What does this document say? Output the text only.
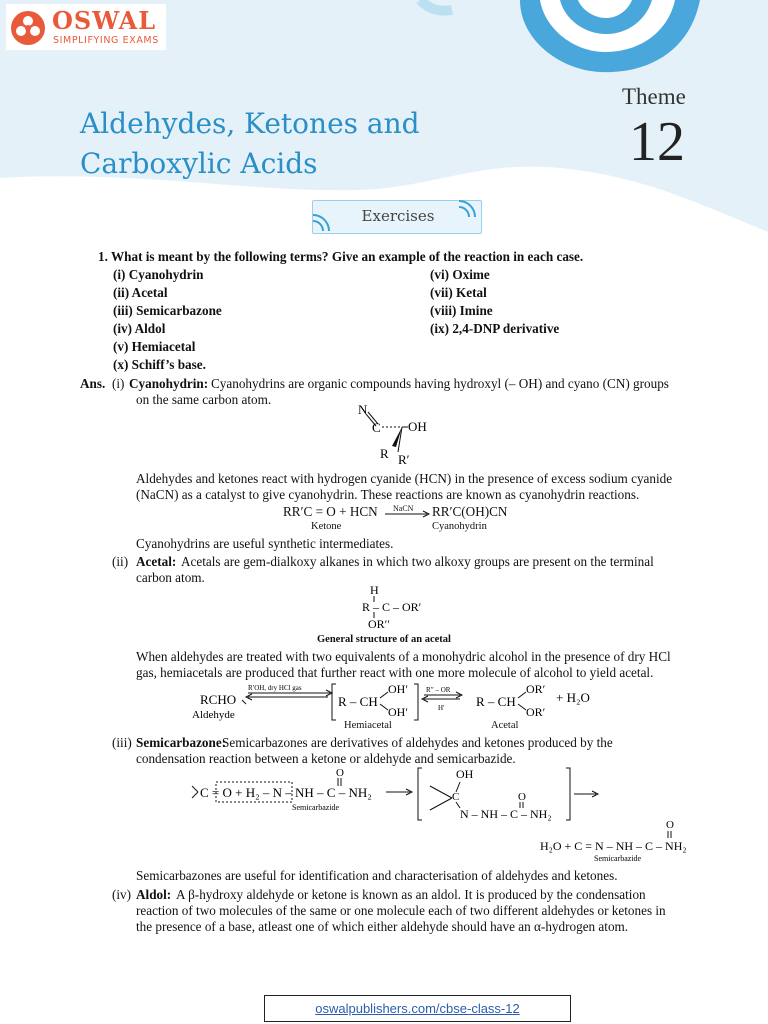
OSWAL
SIMPLIFYING EXAMS
Theme
12
Aldehydes, Ketones and
Carboxylic Acids
Exercises
1. What is meant by the following terms? Give an example of the reaction in each case.
(i) Cyanohydrin
(ii) Acetal
(iii) Semicarbazone
(iv) Aldol
(v) Hemiacetal
(x) Schiff’s base.
(vi) Oxime
(vii) Ketal
(viii) Imine
(ix) 2,4-DNP derivative
Ans. (i) Cyanohydrin: Cyanohydrins are organic compounds having hydroxyl (– OH) and cyano (CN) groups
on the same carbon atom.
N
C OH
R R′
Aldehydes and ketones react with hydrogen cyanide (HCN) in the presence of excess sodium cyanide
(NaCN) as a catalyst to give cyanohydrin. These reactions are known as cyanohydrin reactions.
RR′C = O + HCN NaCN RR′C(OH)CN
Ketone	Cyanohydrin
Cyanohydrins are useful synthetic intermediates.
(ii) Acetal: Acetals are gem-dialkoxy alkanes in which two alkoxy groups are present on the terminal
carbon atom.
H
R – C – OR′
OR′′
General structure of an acetal
When aldehydes are treated with two equivalents of a monohydric alcohol in the presence of dry HCl
gas, hemiacetals are produced that further react with one more molecule of alcohol to yield acetal.
RCHO
Aldehyde
R′OH, dry HCl gas
R – CH
OH′
OH′
R′′ – OR
H′ R – CH
OR′
OR′
+ H₂O
Hemiacetal	Acetal
(iii) Semicarbazone:
Semicarbazones are derivatives of aldehydes and ketones produced by the
condensation reaction between a ketone or aldehyde and semicarbazide.
C = O + H₂ – N – NH – C – NH₂
O
Semicarbazide
C
OH
N – NH – C – NH₂
O
O
H₂O + C = N – NH – C – NH₂
Semicarbazide
Semicarbazones are useful for identification and characterisation of aldehydes and ketones.
(iv) Aldol: A β-hydroxy aldehyde or ketone is known as an aldol. It is produced by the condensation
reaction of two molecules of the same or one molecule each of two different aldehydes or ketones in
the presence of a base, atleast one of which either aldehyde should have an α-hydrogen atom.
oswalpublishers.com/cbse-class-12
